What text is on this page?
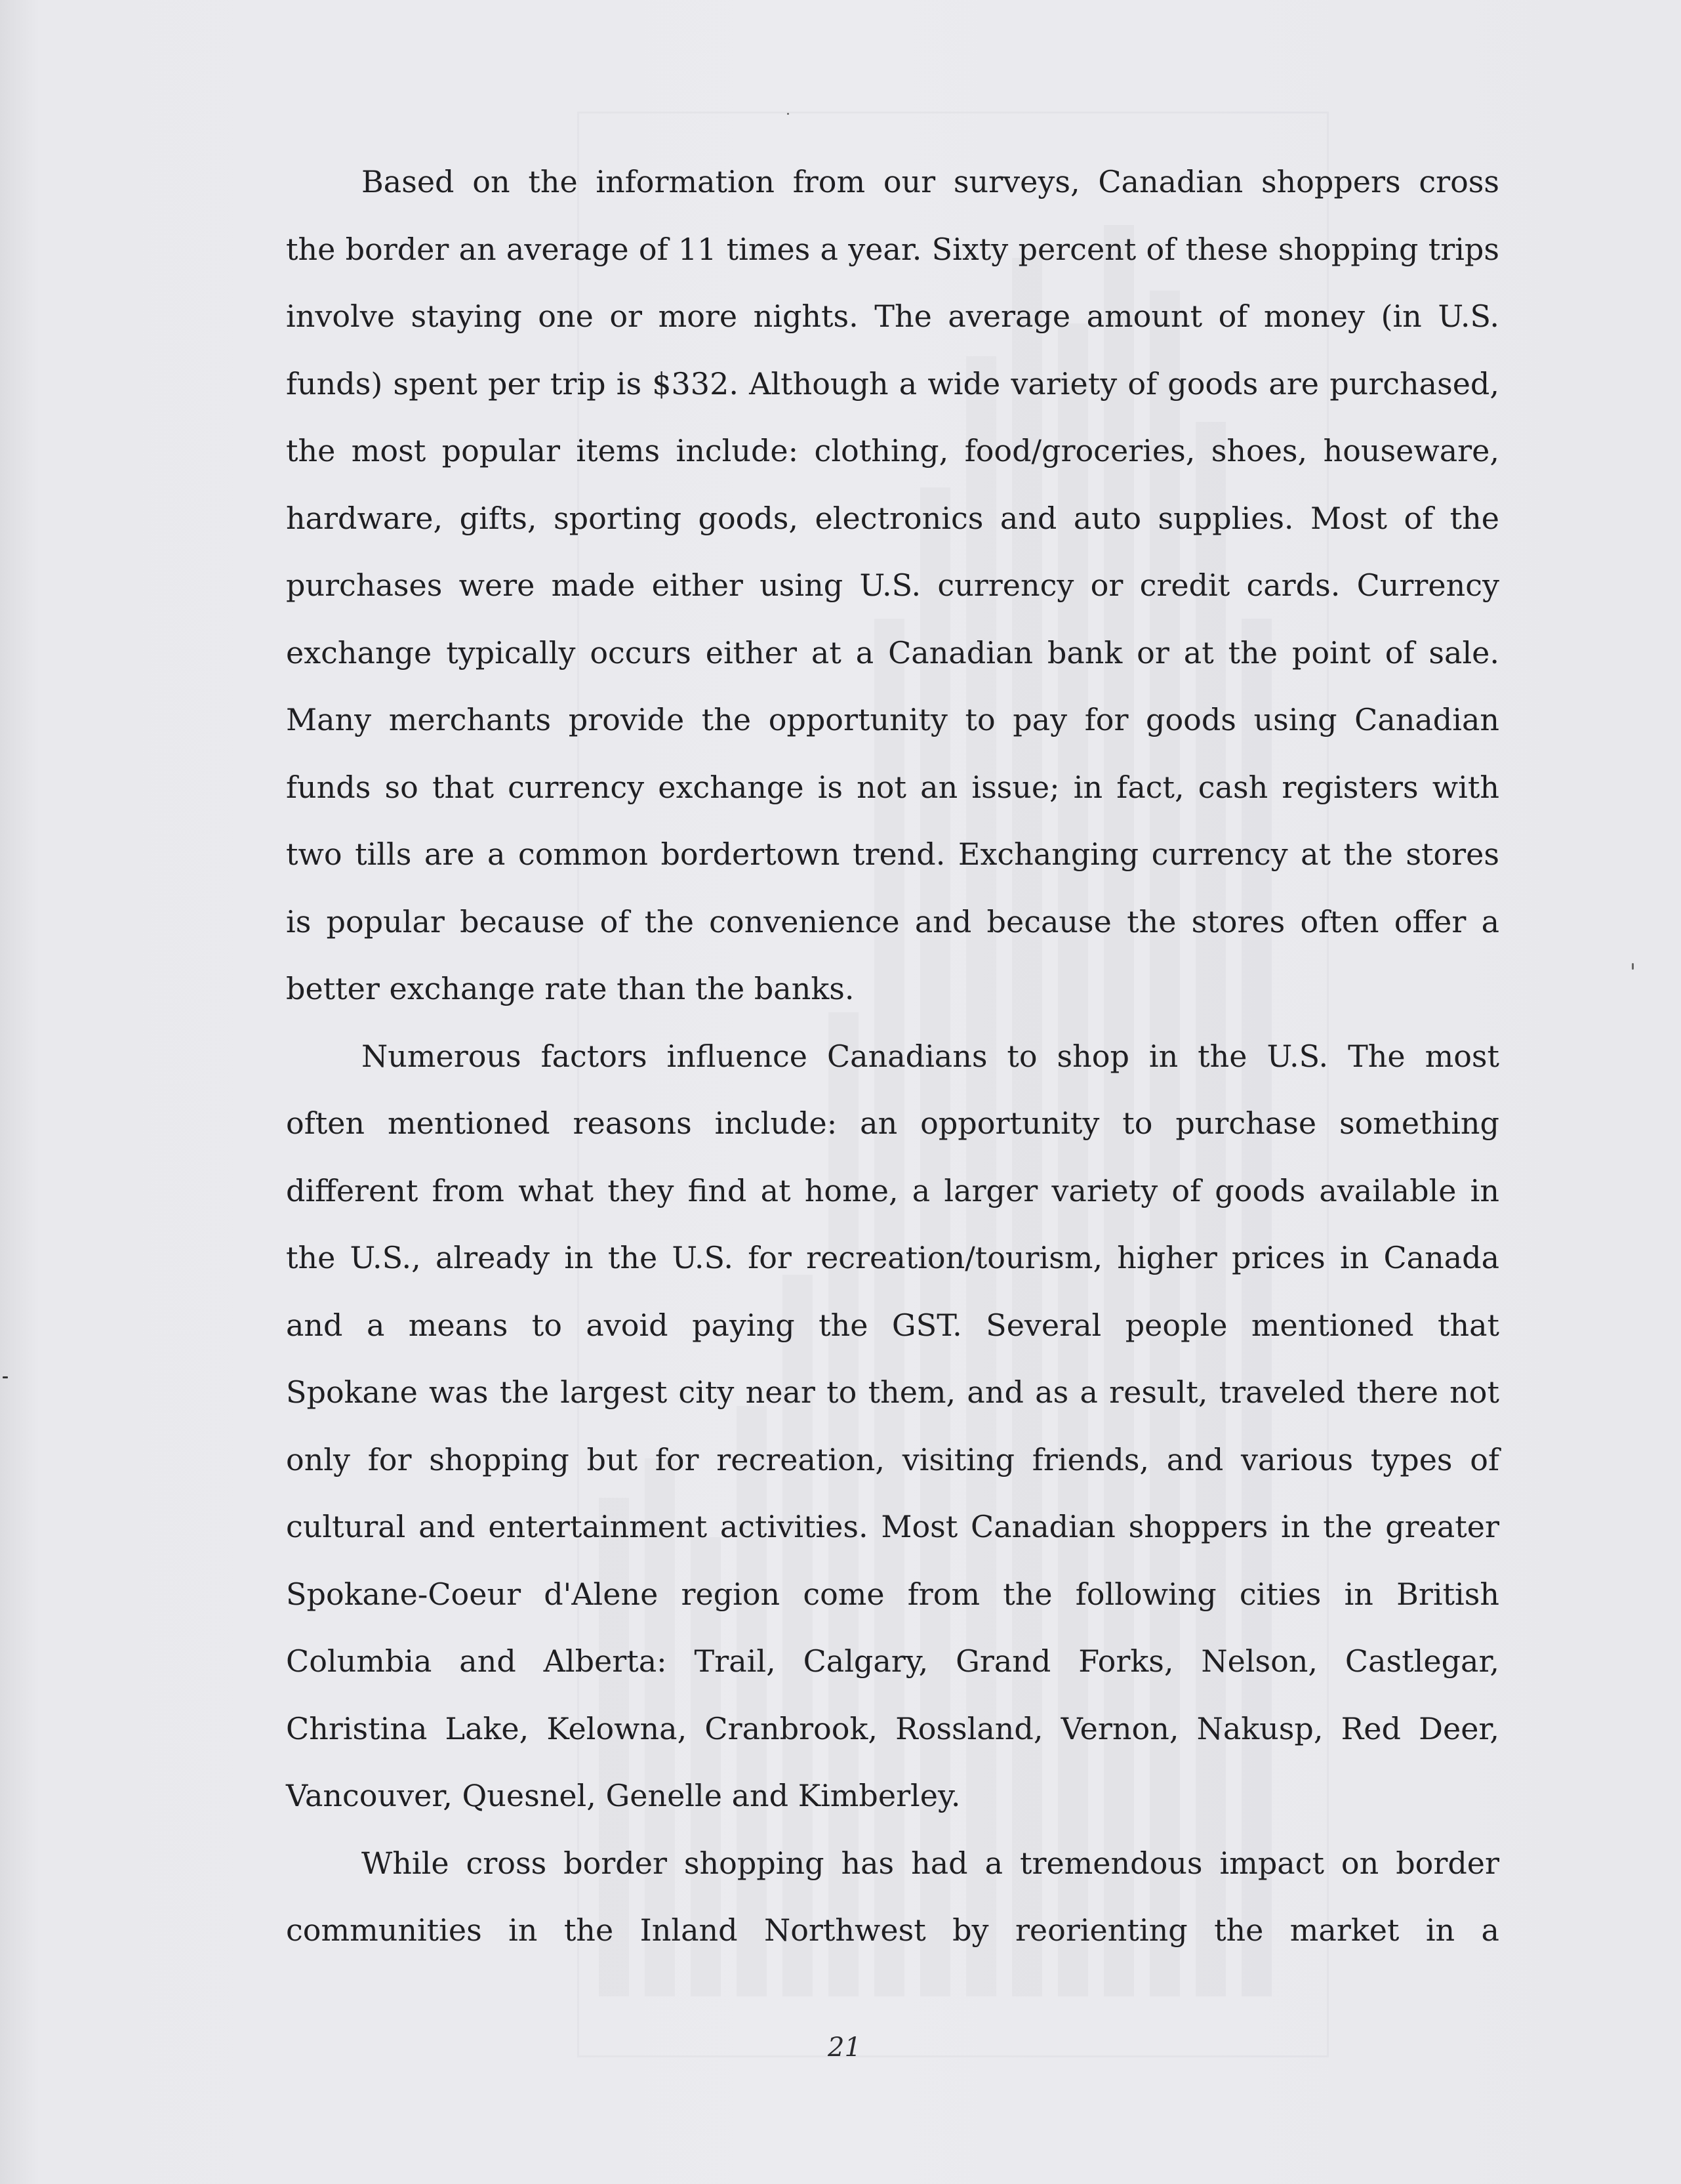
Based on the information from our surveys, Canadian shoppers cross
the border an average of 11 times a year. Sixty percent of these shopping trips
involve staying one or more nights. The average amount of money (in U.S.
funds) spent per trip is $332. Although a wide variety of goods are purchased,
the most popular items include: clothing, food/groceries, shoes, houseware,
hardware, gifts, sporting goods, electronics and auto supplies. Most of the
purchases were made either using U.S. currency or credit cards. Currency
exchange typically occurs either at a Canadian bank or at the point of sale.
Many merchants provide the opportunity to pay for goods using Canadian
funds so that currency exchange is not an issue; in fact, cash registers with
two tills are a common bordertown trend. Exchanging currency at the stores
is popular because of the convenience and because the stores often offer a
better exchange rate than the banks.

Numerous factors influence Canadians to shop in the U.S. The most
often mentioned reasons include: an opportunity to purchase something
different from what they find at home, a larger variety of goods available in
the U.S., already in the U.S. for recreation/tourism, higher prices in Canada
and a means to avoid paying the GST. Several people mentioned that
Spokane was the largest city near to them, and as a result, traveled there not
only for shopping but for recreation, visiting friends, and various types of
cultural and entertainment activities. Most Canadian shoppers in the greater
Spokane-Coeur d'Alene region come from the following cities in British
Columbia and Alberta: Trail, Calgary, Grand Forks, Nelson, Castlegar,
Christina Lake, Kelowna, Cranbrook, Rossland, Vernon, Nakusp, Red Deer,
Vancouver, Quesnel, Genelle and Kimberley.

While cross border shopping has had a tremendous impact on border
communities in the Inland Northwest by reorienting the market in a

21
